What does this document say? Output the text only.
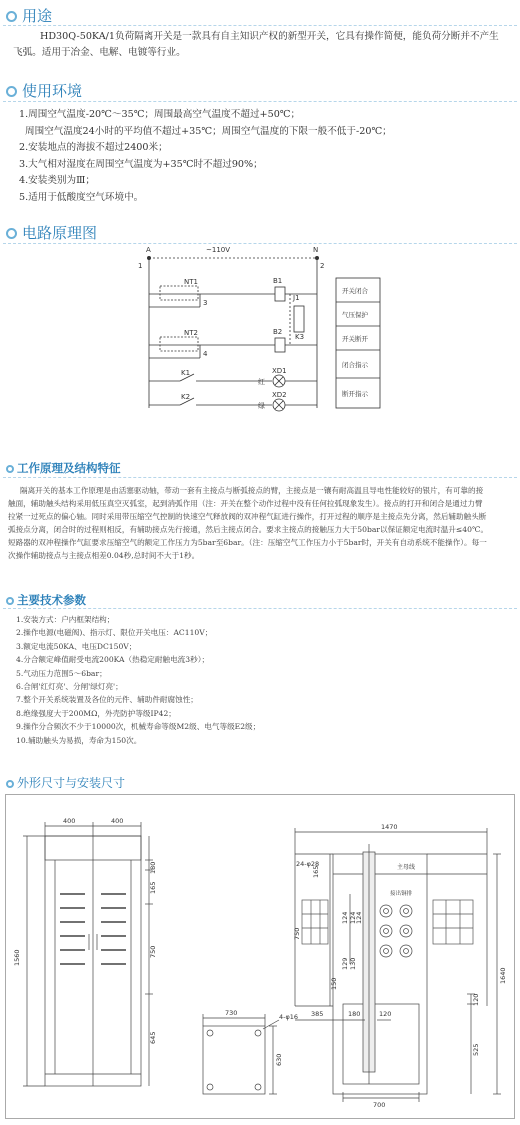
用途
HD30Q-50KA/1负荷隔离开关是一款具有自主知识产权的新型开关，它具有操作简便，能负荷分断并不产生
飞弧。适用于冶金、电解、电镀等行业。
使用环境
1.周围空气温度-20℃～35℃；周围最高空气温度不超过+50℃；
周围空气温度24小时的平均值不超过+35℃；周围空气温度的下限一般不低于-20℃；
2.安装地点的海拔不超过2400米；
3.大气相对湿度在周围空气温度为+35℃时不超过90%；
4.安装类别为Ⅲ；
5.适用于低酸度空气环境中。
电路原理图
A	N
~110V
1	2
3
4
NT1
NT2
B1
B2
J1
K3
K1
K2
XD1
XD2
红
绿
开关闭合
气压保护
开关断开
闭合指示
断开指示
工作原理及结构特征
隔离开关的基本工作原理是由活塞驱动轴，带动一套有主接点与断弧接点的臂，主接点是一镶有耐高温且导电性能较好的银片，有可靠的接
触面，辅助触头结构采用低压真空灭弧室，起到消弧作用（注：开关在整个动作过程中没有任何拉弧现象发生）。接点的打开和闭合是通过力臂
拉紧一过死点的偏心轴。同时采用带压缩空气控制的快速空气释放阀的双冲程气缸进行操作，打开过程的顺序是主接点先分离，然后辅助触头断
弧接点分离，闭合时的过程则相反，有辅助接点先行接通，然后主接点闭合。要求主接点的接触压力大于50bar以保证额定电流时温升≤40℃。
短路器的双冲程操作气缸要求压缩空气的额定工作压力为5bar至6bar。（注：压缩空气工作压力小于5bar时，开关有自动系统不能操作）。每一
次操作辅助接点与主接点相差0.04秒,总时间不大于1秒。
主要技术参数
1.安装方式：户内框架结构；
2.操作电源(电磁阀)、指示灯、限位开关电压：AC110V；
3.额定电流50KA、电压DC150V；
4.分合额定峰值耐受电流200KA（热稳定耐触电流3秒）；
5.气动压力范围5～6bar；
6.合闸'红灯亮'、分闸'绿灯亮'；
7.整个开关系统装置及各位的元件、辅助件耐腐蚀性；
8.绝缘强度大于200MΩ，外壳防护等级IP42；
9.操作分合频次不少于10000次，机械寿命等级M2级、电气等级E2级；
10.辅助触头为易损，寿命为150次。
外形尺寸与安装尺寸
400	400
1560
180
165
750
645
730	4-φ16
630
1470
24-φ28
165
750
385	180	120
700
1640
525
120
150
124 124
124
129 130
主母线
接出铜排
